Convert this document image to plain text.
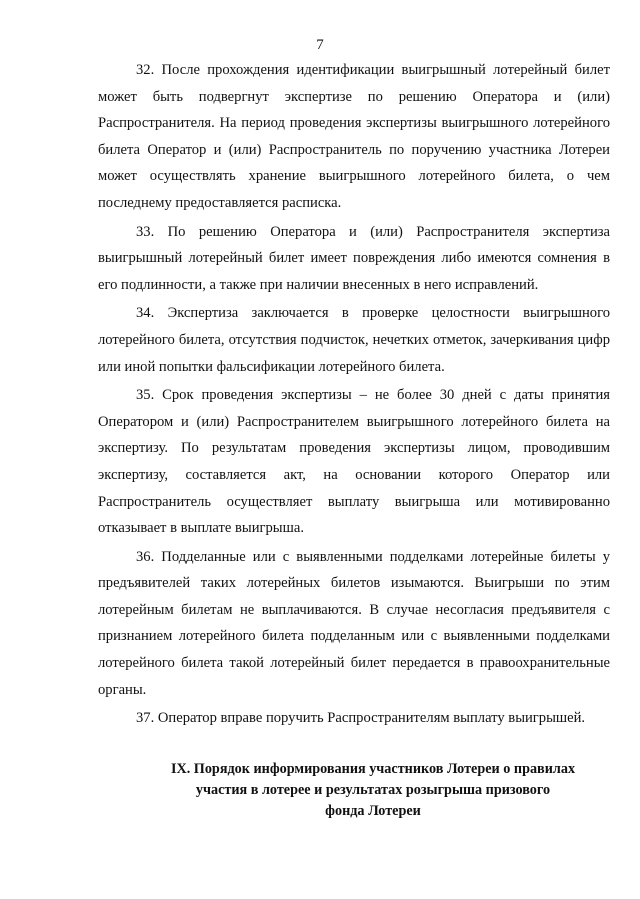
7

32. После прохождения идентификации выигрышный лотерейный билет может быть подвергнут экспертизе по решению Оператора и (или) Распространителя. На период проведения экспертизы выигрышного лотерейного билета Оператор и (или) Распространитель по поручению участника Лотереи может осуществлять хранение выигрышного лотерейного билета, о чем последнему предоставляется расписка.

33. По решению Оператора и (или) Распространителя экспертиза выигрышный лотерейный билет имеет повреждения либо имеются сомнения в его подлинности, а также при наличии внесенных в него исправлений.

34. Экспертиза заключается в проверке целостности выигрышного лотерейного билета, отсутствия подчисток, нечетких отметок, зачеркивания цифр или иной попытки фальсификации лотерейного билета.

35. Срок проведения экспертизы – не более 30 дней с даты принятия Оператором и (или) Распространителем выигрышного лотерейного билета на экспертизу. По результатам проведения экспертизы лицом, проводившим экспертизу, составляется акт, на основании которого Оператор или Распространитель осуществляет выплату выигрыша или мотивированно отказывает в выплате выигрыша.

36. Подделанные или с выявленными подделками лотерейные билеты у предъявителей таких лотерейных билетов изымаются. Выигрыши по этим лотерейным билетам не выплачиваются. В случае несогласия предъявителя с признанием лотерейного билета подделанным или с выявленными подделками лотерейного билета такой лотерейный билет передается в правоохранительные органы.

37. Оператор вправе поручить Распространителям выплату выигрышей.

IX. Порядок информирования участников Лотереи о правилах
участия в лотерее и результатах розыгрыша призового
фонда Лотереи
